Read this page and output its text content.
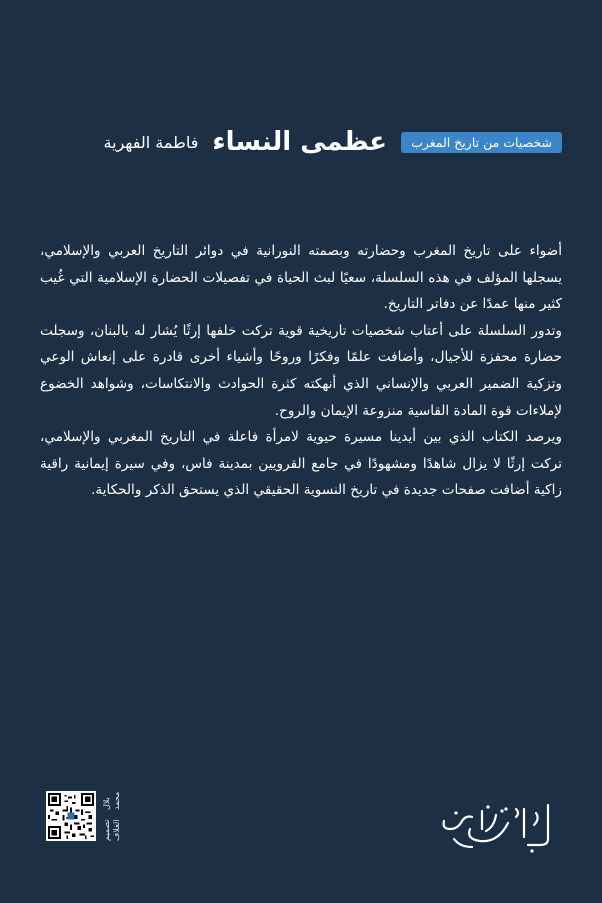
شخصيات من تاريخ المغرب
عظمى النساء
فاطمة الفهرية

أضواء على تاريخ المغرب وحضارته وبصمته النورانية في دوائر التاريخ العربي والإسلامي، يسجلها المؤلف في هذه السلسلة، سعيًا لبث الحياة في تفصيلات الحضارة الإسلامية التي غُيب كثير منها عمدًا عن دفاتر التاريخ.

وتدور السلسلة على أعتاب شخصيات تاريخية قوية تركت خلفها إرثًا يُشار له بالبنان، وسجلت حضارة محفزة للأجيال، وأضافت علمًا وفكرًا وروحًا وأشياء أخرى قادرة على إنعاش الوعي وتزكية الضمير العربي والإنساني الذي أنهكته كثرة الحوادث والانتكاسات، وشواهد الخضوع لإملاءات قوة المادة القاسية منزوعة الإيمان والروح.

ويرصد الكتاب الذي بين أيدينا مسيرة حيوية لامرأة فاعلة في التاريخ المغربي والإسلامي، تركت إرثًا لا يزال شاهدًا ومشهودًا في جامع القرويين بمدينة فاس، وفي سيرة إيمانية راقية زاكية أضافت صفحات جديدة في تاريخ النسوية الحقيقي الذي يستحق الذكر والحكاية.

تصميم الغلاف
بلال محمد
